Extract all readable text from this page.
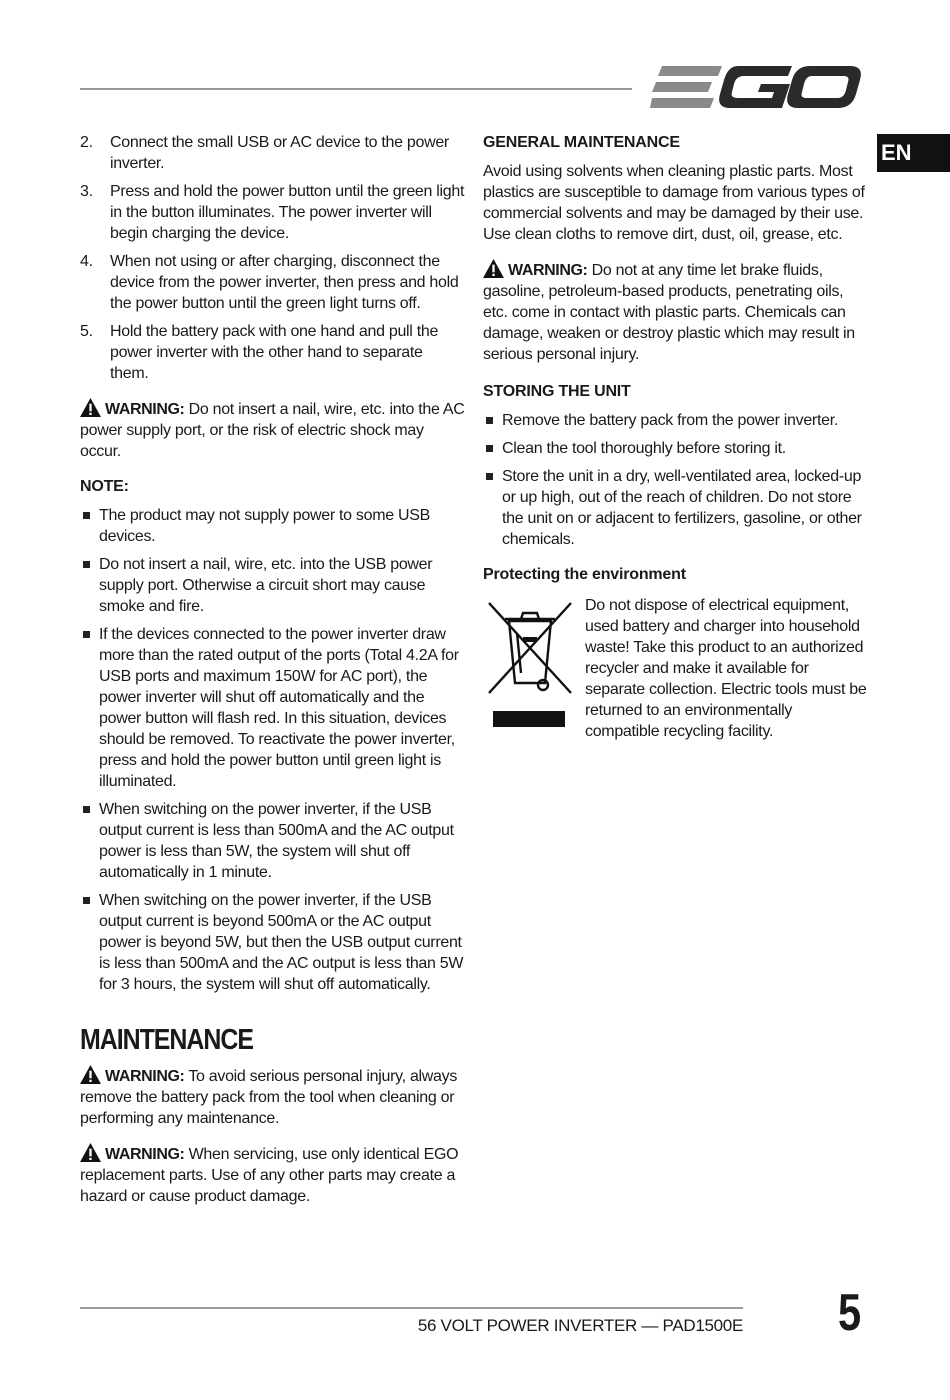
EN
2. Connect the small USB or AC device to the power inverter.
3. Press and hold the power button until the green light in the button illuminates. The power inverter will begin charging the device.
4. When not using or after charging, disconnect the device from the power inverter, then press and hold the power button until the green light turns off.
5. Hold the battery pack with one hand and pull the power inverter with the other hand to separate them.

WARNING: Do not insert a nail, wire, etc. into the AC power supply port, or the risk of electric shock may occur.

NOTE:
The product may not supply power to some USB devices.
Do not insert a nail, wire, etc. into the USB power supply port. Otherwise a circuit short may cause smoke and fire.
If the devices connected to the power inverter draw more than the rated output of the ports (Total 4.2A for USB ports and maximum 150W for AC port), the power inverter will shut off automatically and the power button will flash red. In this situation, devices should be removed. To reactivate the power inverter, press and hold the power button until green light is illuminated.
When switching on the power inverter, if the USB output current is less than 500mA and the AC output power is less than 5W, the system will shut off automatically in 1 minute.
When switching on the power inverter, if the USB output current is beyond 500mA or the AC output power is beyond 5W, but then the USB output current is less than 500mA and the AC output is less than 5W for 3 hours, the system will shut off automatically.
MAINTENANCE

WARNING: To avoid serious personal injury, always remove the battery pack from the tool when cleaning or performing any maintenance.

WARNING: When servicing, use only identical EGO replacement parts. Use of any other parts may create a hazard or cause product damage.

GENERAL MAINTENANCE

Avoid using solvents when cleaning plastic parts. Most plastics are susceptible to damage from various types of commercial solvents and may be damaged by their use. Use clean cloths to remove dirt, dust, oil, grease, etc.

WARNING: Do not at any time let brake fluids, gasoline, petroleum-based products, penetrating oils, etc. come in contact with plastic parts. Chemicals can damage, weaken or destroy plastic which may result in serious personal injury.

STORING THE UNIT
Remove the battery pack from the power inverter.
Clean the tool thoroughly before storing it.
Store the unit in a dry, well-ventilated area, locked-up or up high, out of the reach of children. Do not store the unit on or adjacent to fertilizers, gasoline, or other chemicals.
Protecting the environment
Do not dispose of electrical equipment, used battery and charger into household waste! Take this product to an authorized recycler and make it available for separate collection. Electric tools must be returned to an environmentally compatible recycling facility.
56 VOLT POWER INVERTER — PAD1500E 5
